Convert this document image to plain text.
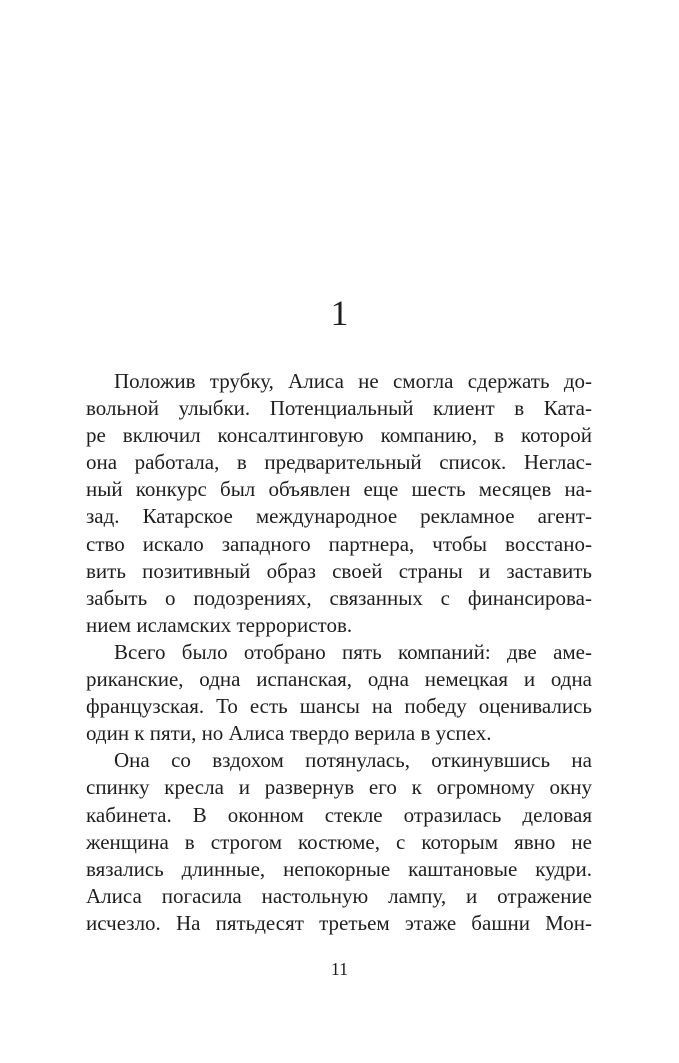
1
Положив трубку, Алиса не смогла сдержать до-
вольной улыбки. Потенциальный клиент в Ката-
ре включил консалтинговую компанию, в которой
она работала, в предварительный список. Неглас-
ный конкурс был объявлен еще шесть месяцев на-
зад. Катарское международное рекламное агент-
ство искало западного партнера, чтобы восстано-
вить позитивный образ своей страны и заставить
забыть о подозрениях, связанных с финансирова-
нием исламских террористов.
Всего было отобрано пять компаний: две аме-
риканские, одна испанская, одна немецкая и одна
французская. То есть шансы на победу оценивались
один к пяти, но Алиса твердо верила в успех.
Она со вздохом потянулась, откинувшись на
спинку кресла и развернув его к огромному окну
кабинета. В оконном стекле отразилась деловая
женщина в строгом костюме, с которым явно не
вязались длинные, непокорные каштановые кудри.
Алиса погасила настольную лампу, и отражение
исчезло. На пятьдесят третьем этаже башни Мон-
11
